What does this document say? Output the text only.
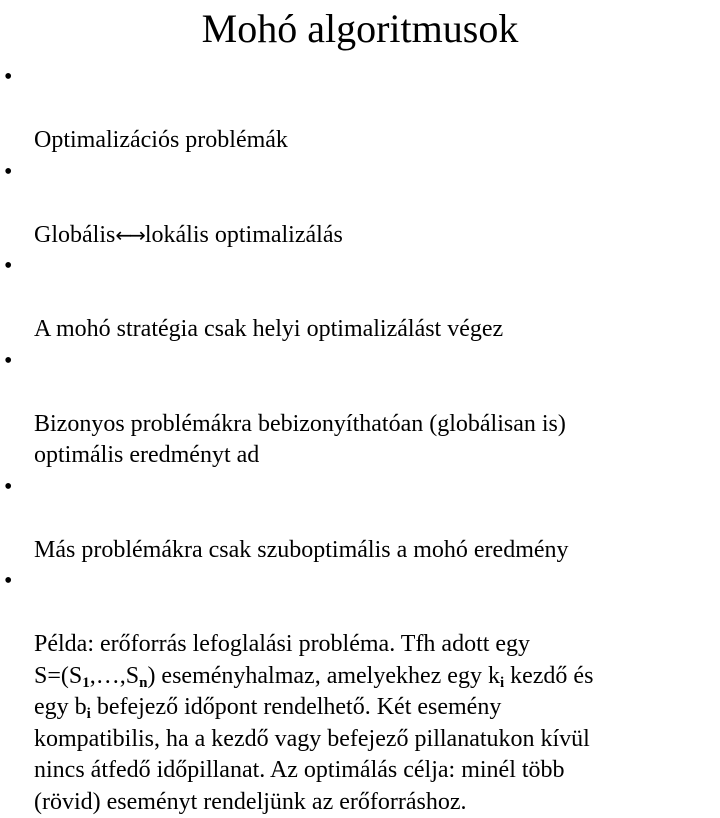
Mohó algoritmusok

•

Optimalizációs problémák

•

Globális←→lokális optimalizálás

•

A mohó stratégia csak helyi optimalizálást végez

•

Bizonyos problémákra bebizonyíthatóan (globálisan is)
optimális eredményt ad

•

Más problémákra csak szuboptimális a mohó eredmény

•

Példa: erőforrás lefoglalási probléma. Tfh adott egy
$S=(S_1,\dots,S_n)$ eseményhalmaz, amelyekhez egy $k_i$ kezdő és
egy $b_i$ befejező időpont rendelhető. Két esemény
kompatibilis, ha a kezdő vagy befejező pillanatukon kívül
nincs átfedő időpillanat. Az optimálás célja: minél több
(rövid) eseményt rendeljünk az erőforráshoz.
